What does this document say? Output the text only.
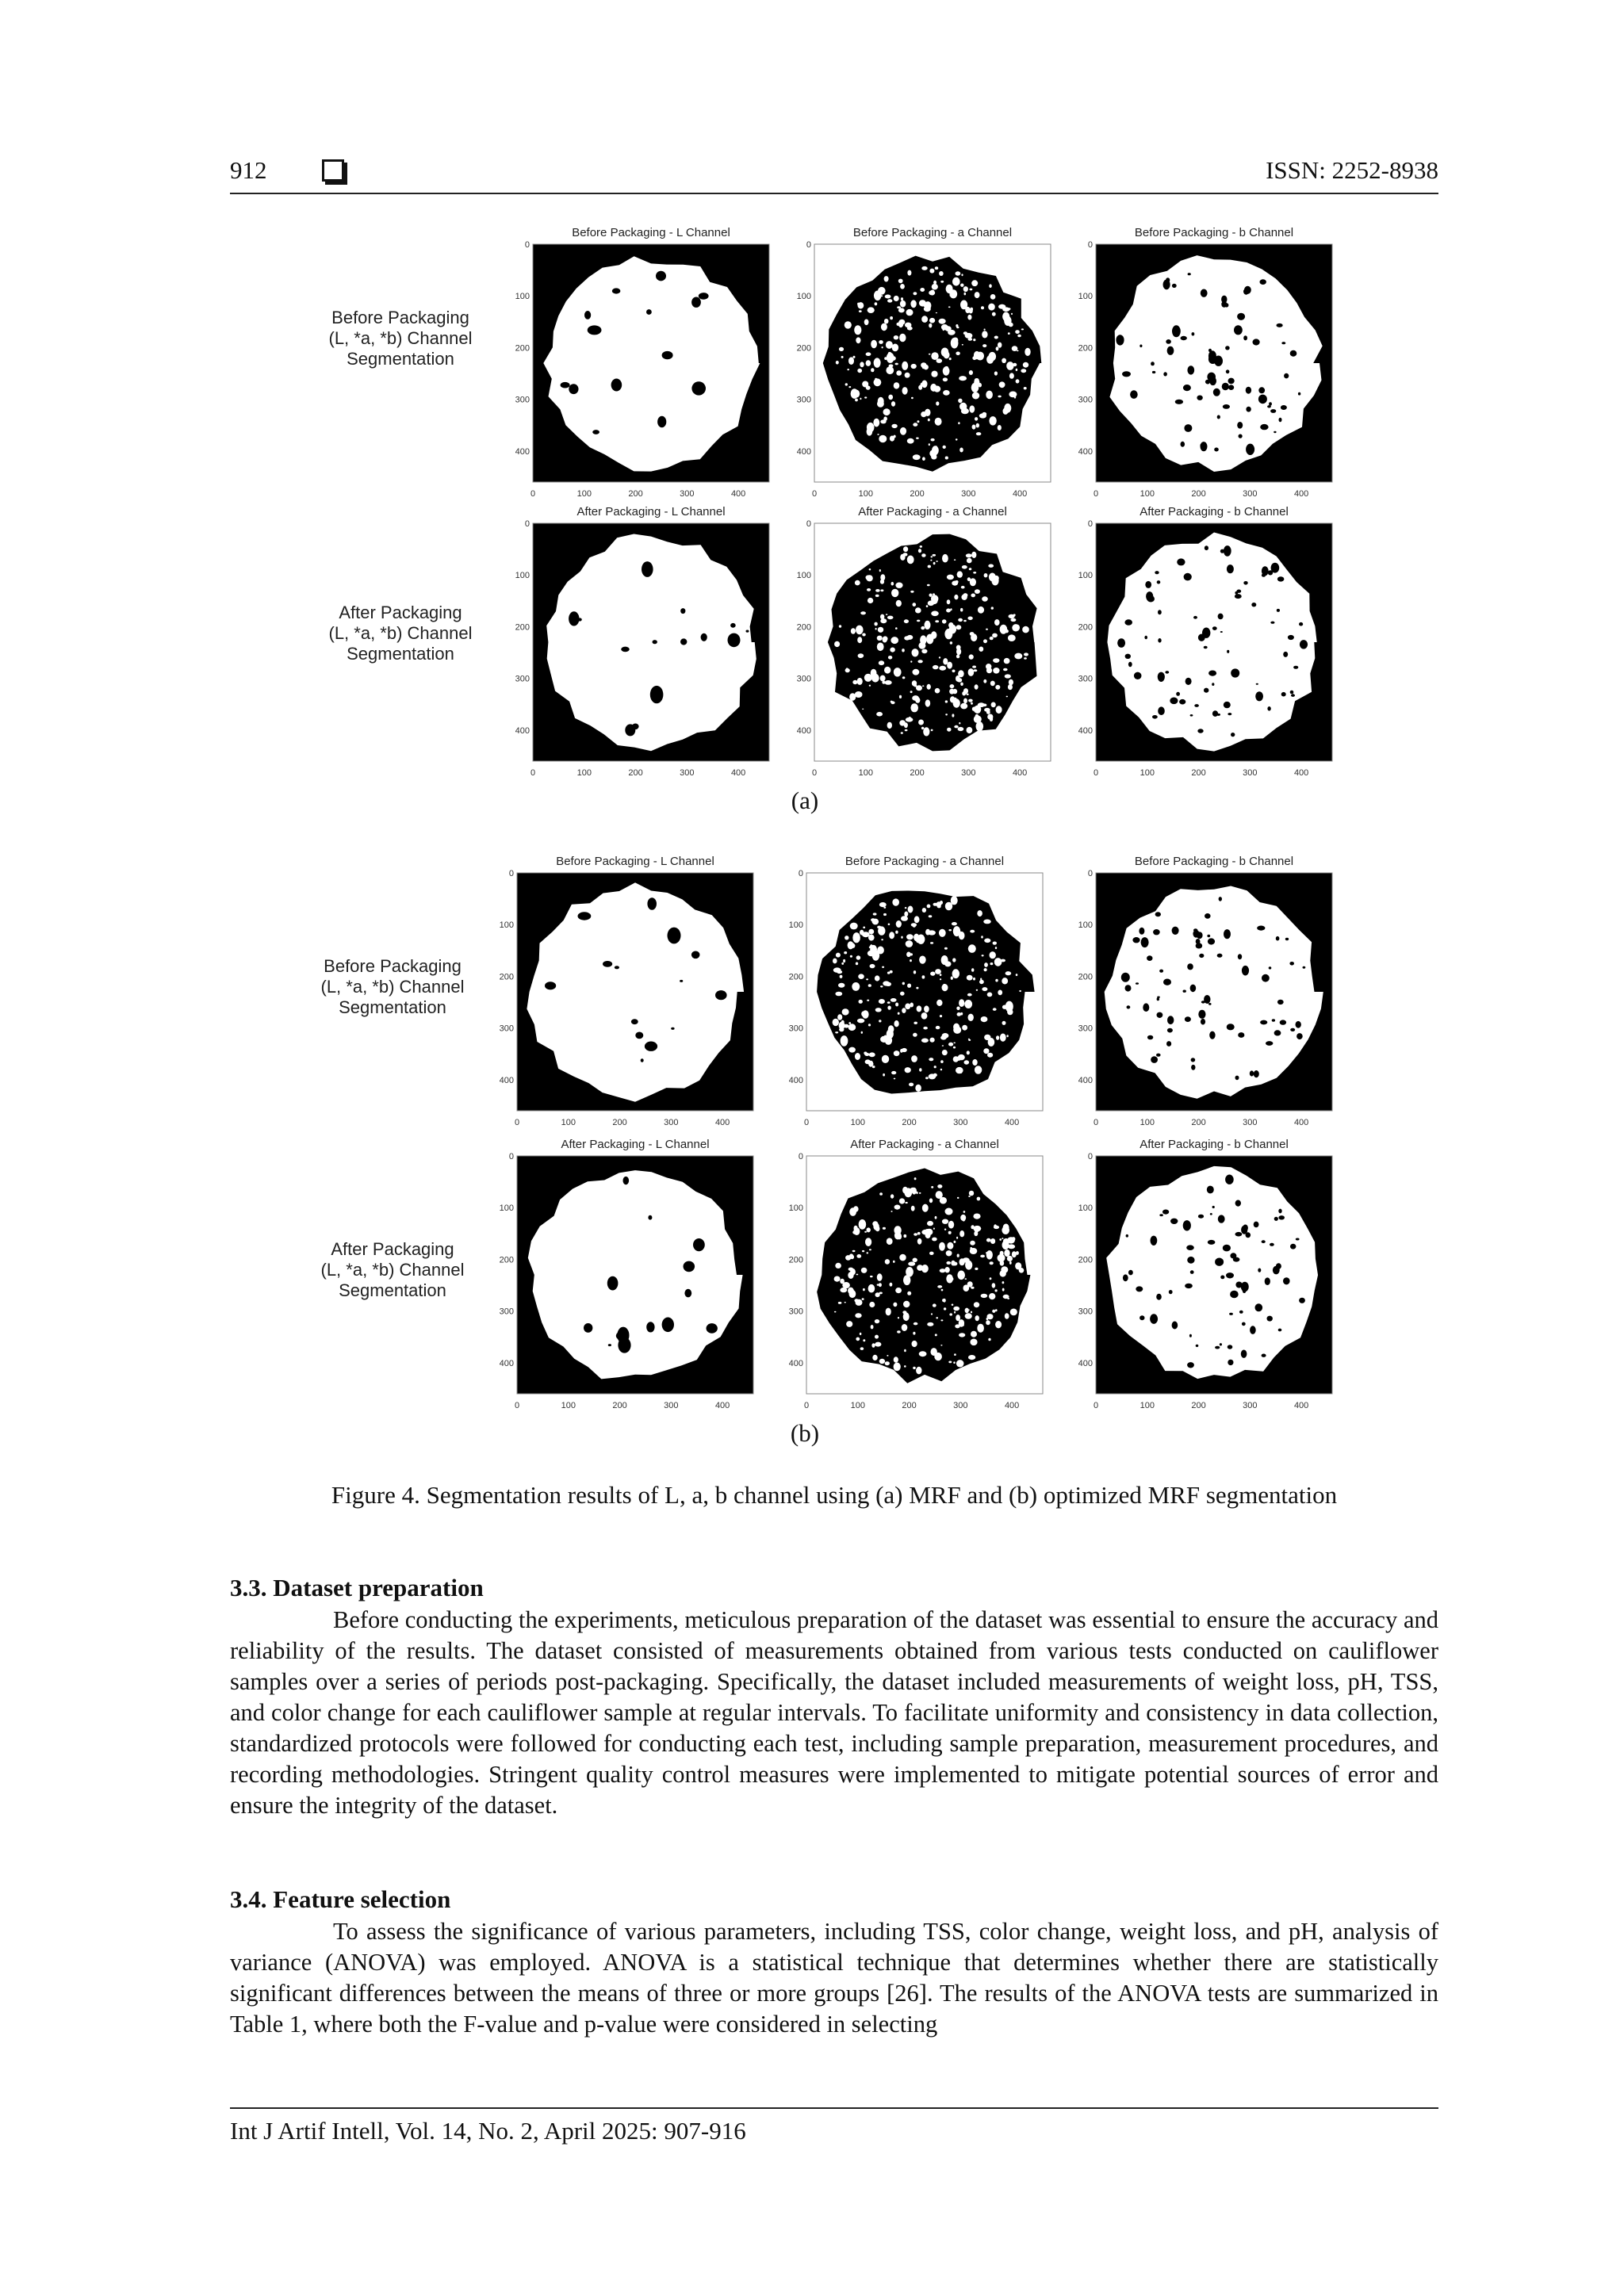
912	ISSN: 2252-8938
Before Packaging
(L, *a, *b) Channel
Segmentation
After Packaging
(L, *a, *b) Channel
Segmentation
Before Packaging - L Channel
0
100
200
300
400
0	100	200	300	400
Before Packaging - a Channel
0
100
200
300
400
0	100	200	300	400
Before Packaging - b Channel
0
100
200
300
400
0	100	200	300	400
After Packaging - L Channel
0
100
200
300
400
0	100	200	300	400
After Packaging - a Channel
0
100
200
300
400
0	100	200	300	400
After Packaging - b Channel
0
100
200
300
400
0	100	200	300	400
(a)
Before Packaging
(L, *a, *b) Channel
Segmentation
After Packaging
(L, *a, *b) Channel
Segmentation
Before Packaging - L Channel
0
100
200
300
400
0	100	200	300	400
Before Packaging - a Channel
0
100
200
300
400
0	100	200	300	400
Before Packaging - b Channel
0
100
200
300
400
0	100	200	300	400
After Packaging - L Channel
0
100
200
300
400
0	100	200	300	400
After Packaging - a Channel
0
100
200
300
400
0	100	200	300	400
After Packaging - b Channel
0
100
200
300
400
0	100	200	300	400
(b)
Figure 4. Segmentation results of L, a, b channel using (a) MRF and (b) optimized MRF segmentation
3.3. Dataset preparation

Before conducting the experiments, meticulous preparation of the dataset was essential to ensure the accuracy and reliability of the results. The dataset consisted of measurements obtained from various tests conducted on cauliflower samples over a series of periods post-packaging. Specifically, the dataset included measurements of weight loss, pH, TSS, and color change for each cauliflower sample at regular intervals. To facilitate uniformity and consistency in data collection, standardized protocols were followed for conducting each test, including sample preparation, measurement procedures, and recording methodologies. Stringent quality control measures were implemented to mitigate potential sources of error and ensure the integrity of the dataset.

3.4. Feature selection

To assess the significance of various parameters, including TSS, color change, weight loss, and pH, analysis of variance (ANOVA) was employed. ANOVA is a statistical technique that determines whether there are statistically significant differences between the means of three or more groups [26]. The results of the ANOVA tests are summarized in Table 1, where both the F-value and p-value were considered in selecting

Int J Artif Intell, Vol. 14, No. 2, April 2025: 907-916
